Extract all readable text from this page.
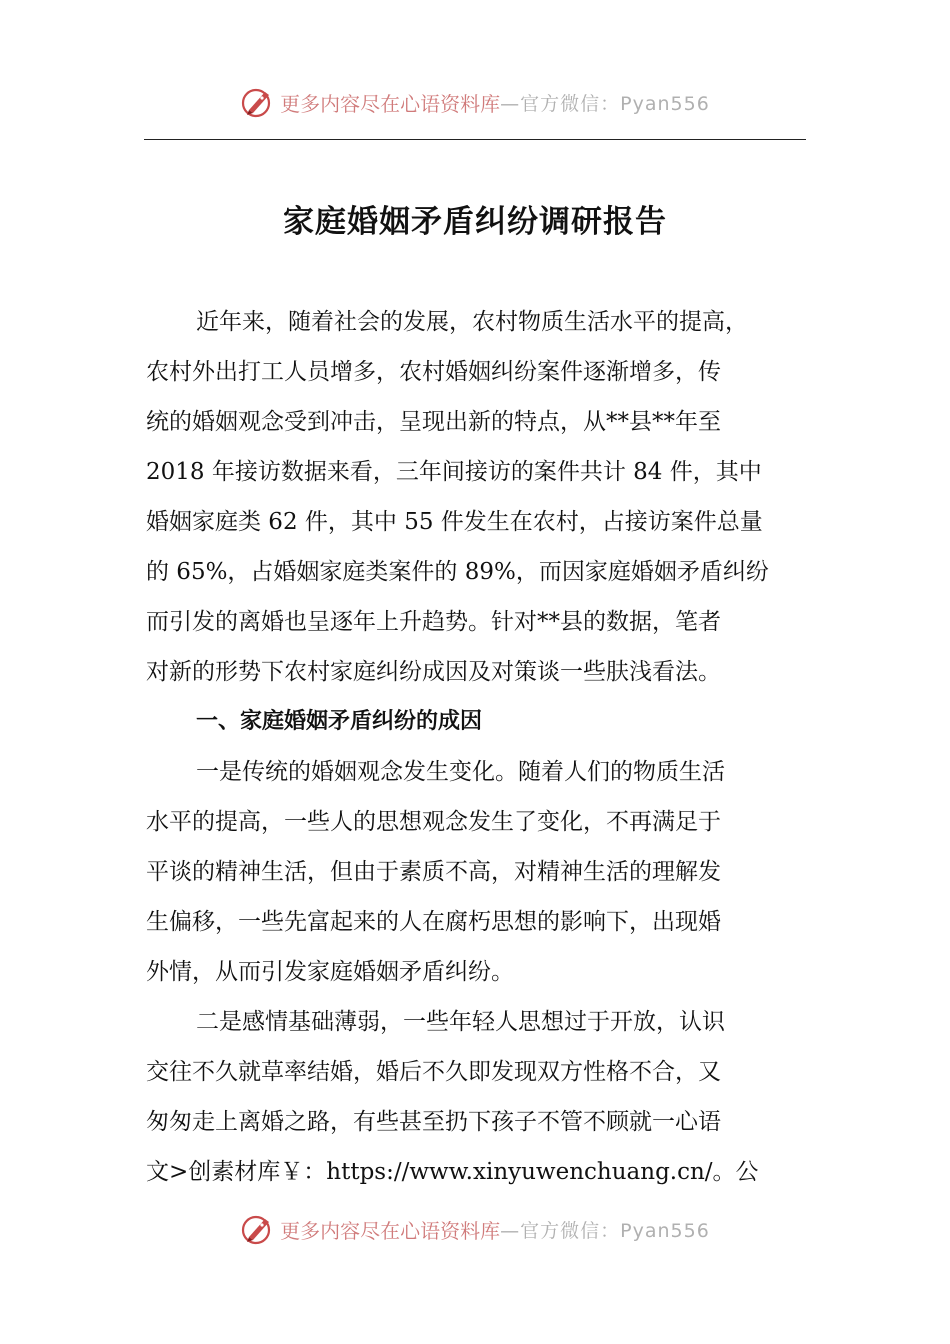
更多内容尽在心语资料库 —官方微信：Pyan556
家庭婚姻矛盾纠纷调研报告
近年来，随着社会的发展，农村物质生活水平的提高，
农村外出打工人员增多，农村婚姻纠纷案件逐渐增多，传
统的婚姻观念受到冲击，呈现出新的特点，从**县**年至
2018 年接访数据来看，三年间接访的案件共计 84 件，其中
婚姻家庭类 62 件，其中 55 件发生在农村，占接访案件总量
的 65%，占婚姻家庭类案件的 89%，而因家庭婚姻矛盾纠纷
而引发的离婚也呈逐年上升趋势。针对**县的数据，笔者
对新的形势下农村家庭纠纷成因及对策谈一些肤浅看法。
一、家庭婚姻矛盾纠纷的成因
一是传统的婚姻观念发生变化。随着人们的物质生活
水平的提高，一些人的思想观念发生了变化，不再满足于
平谈的精神生活，但由于素质不高，对精神生活的理解发
生偏移，一些先富起来的人在腐朽思想的影响下，出现婚
外情，从而引发家庭婚姻矛盾纠纷。
二是感情基础薄弱，一些年轻人思想过于开放，认识
交往不久就草率结婚，婚后不久即发现双方性格不合，又
匆匆走上离婚之路，有些甚至扔下孩子不管不顾就一心语
文>创素材库￥：https://www.xinyuwenchuang.cn/。公
更多内容尽在心语资料库 —官方微信：Pyan556
